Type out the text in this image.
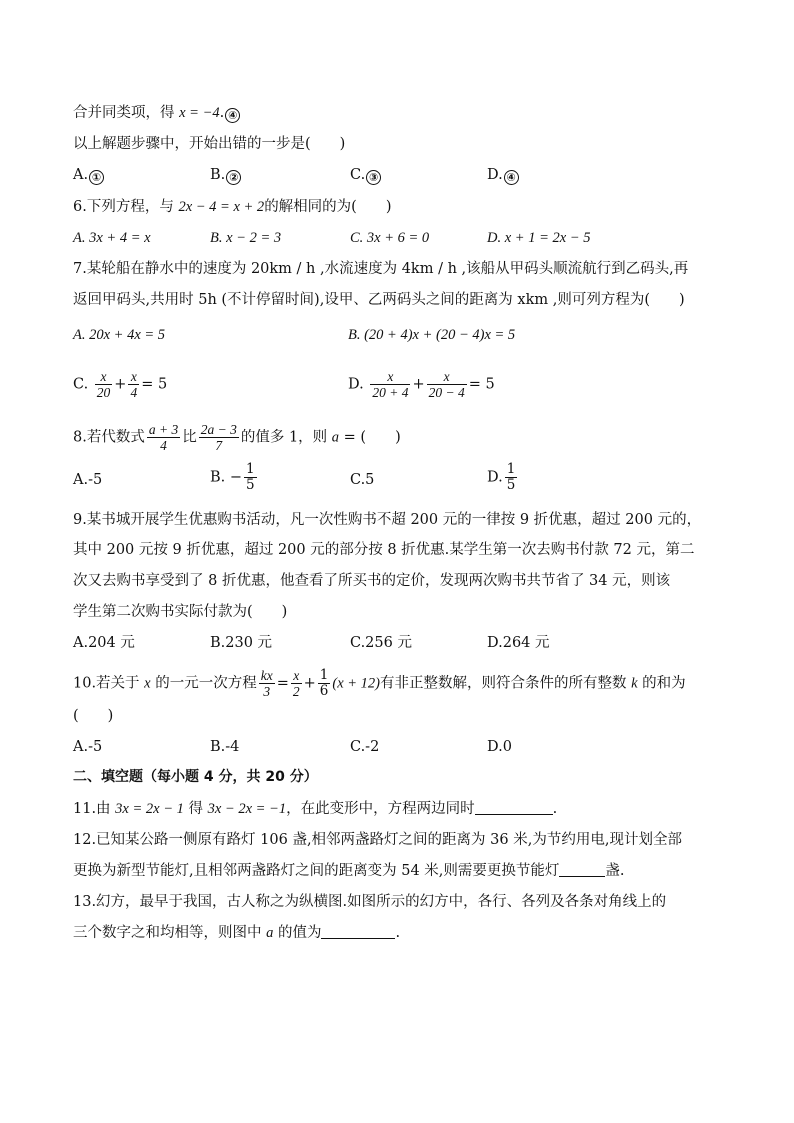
合并同类项，得 x = −4. ④
以上解题步骤中，开始出错的一步是(　　)
A. ①	B. ②	C. ③	D. ④
6.下列方程，与 2x − 4 = x + 2的解相同的为(　　)
A. 3x + 4 = x	B. x − 2 = 3	C. 3x + 6 = 0	D. x + 1 = 2x − 5
7.某轮船在静水中的速度为 20km / h ,水流速度为 4km / h ,该船从甲码头顺流航行到乙码头,再
返回甲码头,共用时 5h (不计停留时间),设甲、乙两码头之间的距离为 xkm ,则可列方程为(　　)
A. 20x + 4x = 5	B. (20 + 4)x + (20 − 4)x = 5
C. $\frac{x}{20} + \frac{x}{4} = 5$	D. $\frac{x}{20 + 4} + \frac{x}{20 - 4} = 5$
8.若代数式 $\frac{a + 3}{4}$ 比 $\frac{2a - 3}{7}$ 的值多 1，则 a = (　　)
A.-5	B. − $\frac{1}{5}$	C.5	D. $\frac{1}{5}$
9.某书城开展学生优惠购书活动，凡一次性购书不超 200 元的一律按 9 折优惠，超过 200 元的，
其中 200 元按 9 折优惠，超过 200 元的部分按 8 折优惠.某学生第一次去购书付款 72 元，第二
次又去购书享受到了 8 折优惠，他查看了所买书的定价，发现两次购书共节省了 34 元，则该
学生第二次购书实际付款为(　　)
A.204 元	B.230 元	C.256 元	D.264 元
10.若关于 x 的一元一次方程 $\frac{kx}{3} = \frac{x}{2} + \frac{1}{6} (x + 12)$有非正整数解，则符合条件的所有整数 k 的和为
(　　)
A.-5	B.-4	C.-2	D.0
二、填空题（每小题 4 分，共 20 分）
11.由 3x = 2x − 1 得 3x − 2x = −1，在此变形中，方程两边同时	.
12.已知某公路一侧原有路灯 106 盏,相邻两盏路灯之间的距离为 36 米,为节约用电,现计划全部
更换为新型节能灯,且相邻两盏路灯之间的距离变为 54 米,则需要更换节能灯	盏.
13.幻方，最早于我国，古人称之为纵横图.如图所示的幻方中，各行、各列及各条对角线上的
三个数字之和均相等，则图中 a 的值为	.
